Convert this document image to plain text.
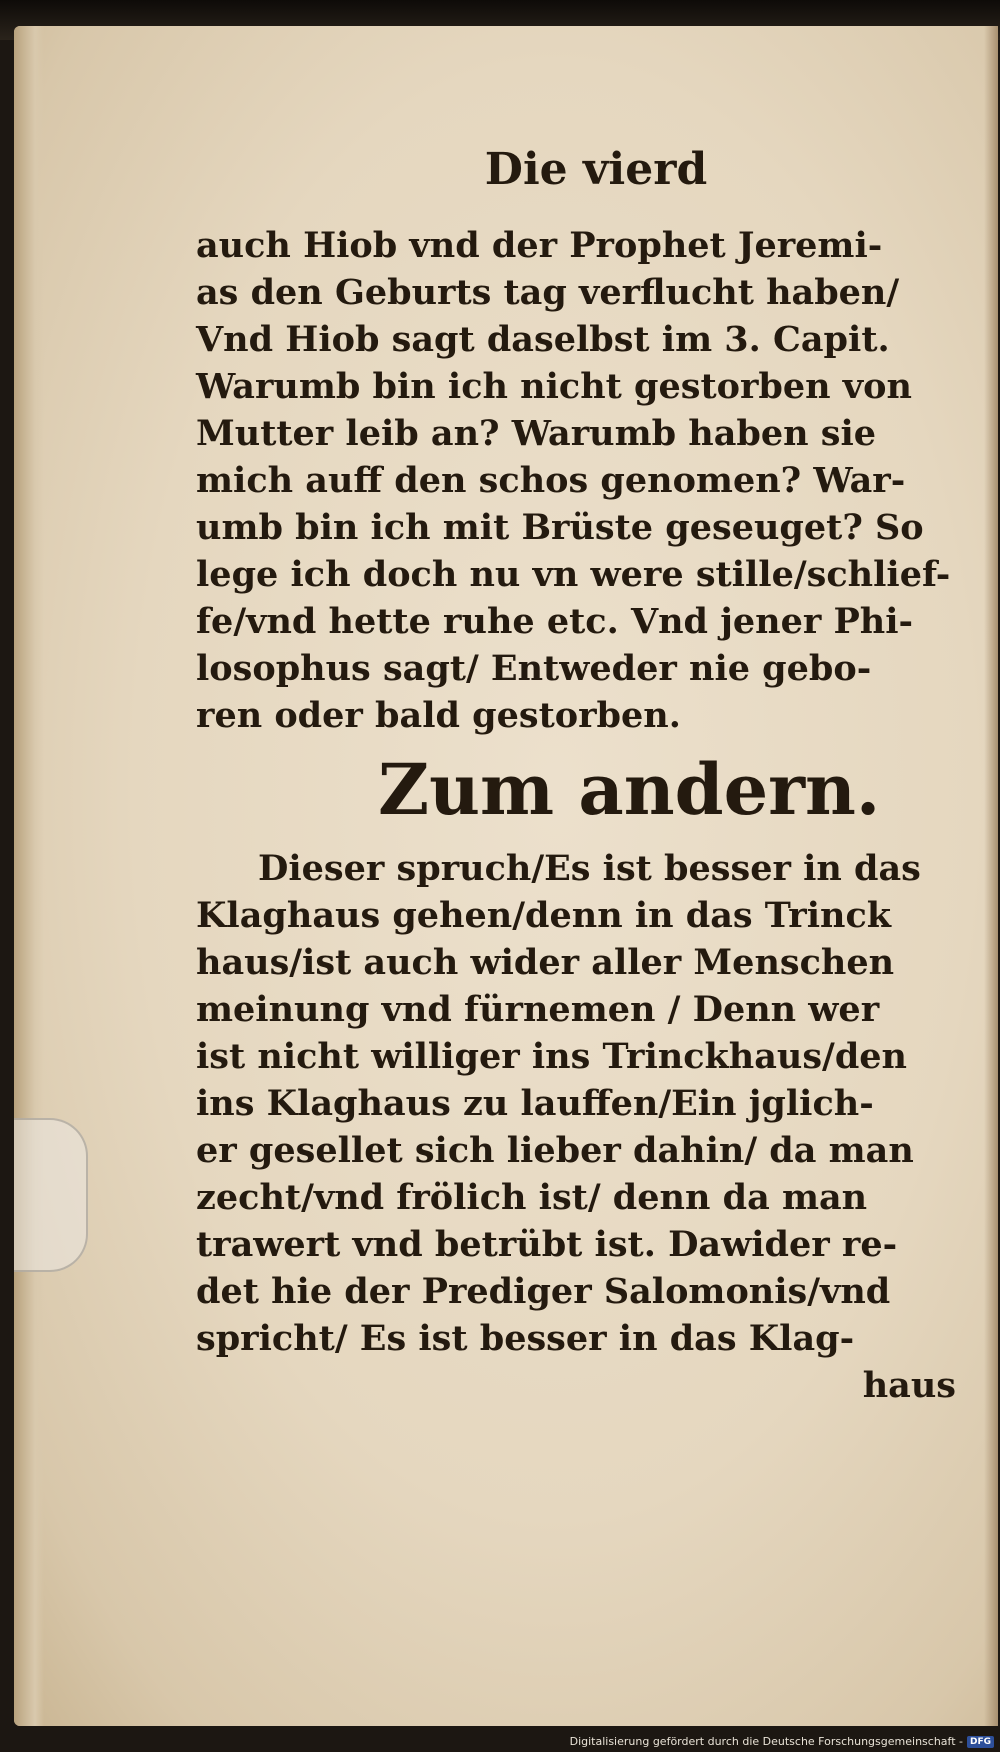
Die vierd
auch Hiob vnd der Prophet Jeremi-
as den Geburts tag verflucht haben/
Vnd Hiob sagt daselbst im 3. Capit.
Warumb bin ich nicht gestorben von
Mutter leib an? Warumb haben sie
mich auff den schos genomen? War-
umb bin ich mit Brüste geseuget? So
lege ich doch nu vn were stille/schlief-
fe/vnd hette ruhe etc. Vnd jener Phi-
losophus sagt/ Entweder nie gebo-
ren oder bald gestorben.
Zum andern.
Dieser spruch/Es ist besser in das
Klaghaus gehen/denn in das Trinck
haus/ist auch wider aller Menschen
meinung vnd fürnemen / Denn wer
ist nicht williger ins Trinckhaus/den
ins Klaghaus zu lauffen/Ein jglich-
er gesellet sich lieber dahin/ da man
zecht/vnd frölich ist/ denn da man
trawert vnd betrübt ist. Dawider re-
det hie der Prediger Salomonis/vnd
spricht/ Es ist besser in das Klag-
haus
Digitalisierung gefördert durch die Deutsche Forschungsgemeinschaft - DFG
